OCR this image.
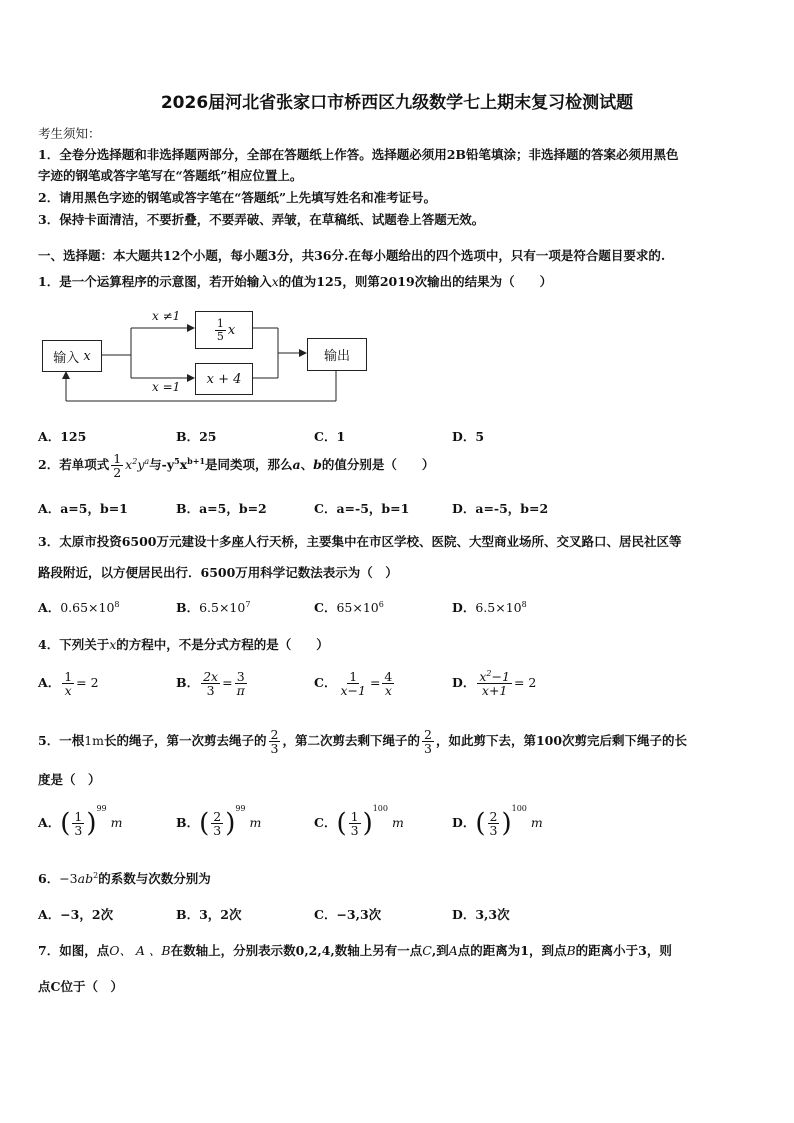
2026届河北省张家口市桥西区九级数学七上期末复习检测试题
考生须知：
1．全卷分选择题和非选择题两部分，全部在答题纸上作答。选择题必须用2B铅笔填涂；非选择题的答案必须用黑色
字迹的钢笔或答字笔写在“答题纸”相应位置上。
2．请用黑色字迹的钢笔或答字笔在“答题纸”上先填写姓名和准考证号。
3．保持卡面清洁，不要折叠，不要弄破、弄皱，在草稿纸、试题卷上答题无效。
一、选择题：本大题共12个小题，每小题3分，共36分.在每小题给出的四个选项中，只有一项是符合题目要求的.
1．是一个运算程序的示意图，若开始输入x的值为125，则第2019次输出的结果为（　　）
输入
x
$\frac{1}{5}$ x
x + 4
输出
x ≠1
x =1
A．125	B．25	C．1	D．5
2．若单项式 $\frac{1}{2} x^2y^a$与$-y^5x^{b+1}$是同类项，那么a、b的值分别是（　　）
A．a=5，b=1	B．a=5，b=2	C．a=-5，b=1	D．a=-5，b=2
3．太原市投资6500万元建设十多座人行天桥，主要集中在市区学校、医院、大型商业场所、交叉路口、居民社区等
路段附近，以方便居民出行．6500万用科学记数法表示为（　）
A．$0.65\times 10^8$	B．$6.5\times 10^7$	C．$65\times 10^6$	D．$6.5\times 10^8$
4．下列关于x的方程中，不是分式方程的是（　　）
A． $\frac{1}{x} = 2$	B． $\frac{2x}{3} = \frac{3}{\pi}$	C． $\frac{1}{x-1} = \frac{4}{x}$	D． $\frac{x^2-1}{x+1} = 2$
5．一根1m长的绳子，第一次剪去绳子的 $\frac{2}{3}$ ，第二次剪去剩下绳子的 $\frac{2}{3}$ ，如此剪下去，第100次剪完后剩下绳子的长
度是（　）
A．( $\frac{1}{3} )^{99}$ m	B．( $\frac{2}{3} )^{99}$ m	C．( $\frac{1}{3} )^{100}$ m	D．( $\frac{2}{3} )^{100}$ m
6．$-3ab^2$的系数与次数分别为
A．−3，2次	B．3，2次	C．−3,3次	D．3,3次
7．如图，点O、 A 、B在数轴上，分别表示数0,2,4,数轴上另有一点C,到A点的距离为1，到点B的距离小于3，则
点C位于（　）
